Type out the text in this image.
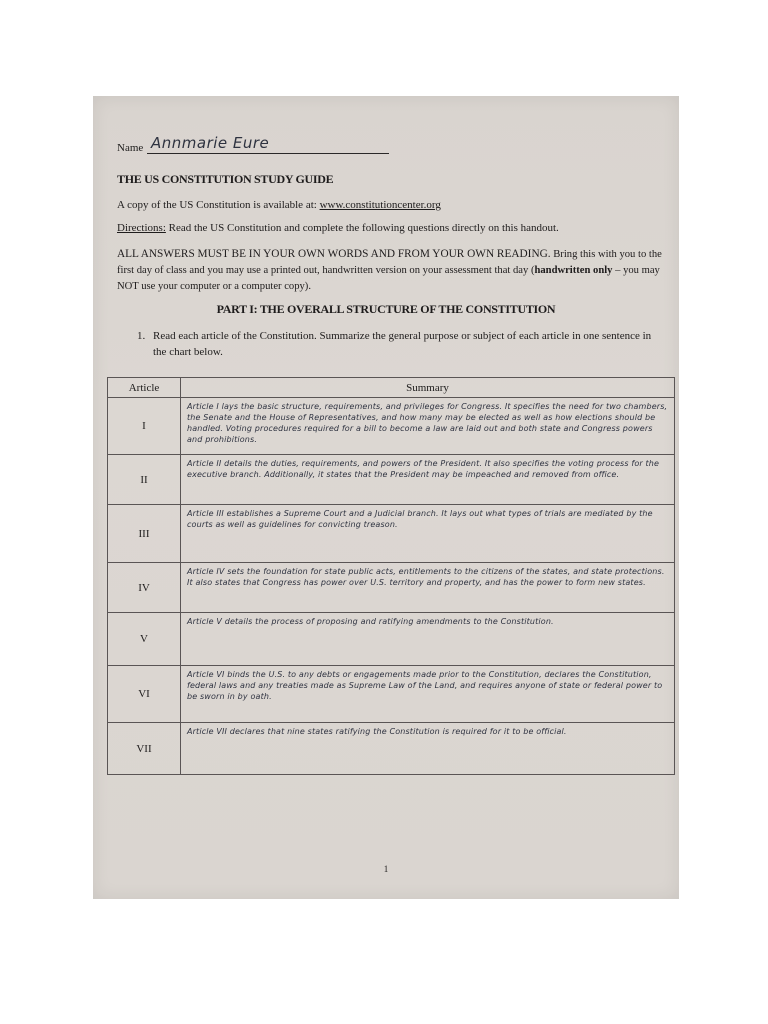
Name Annmarie Eure
THE US CONSTITUTION STUDY GUIDE
A copy of the US Constitution is available at: www.constitutioncenter.org
Directions: Read the US Constitution and complete the following questions directly on this handout.
ALL ANSWERS MUST BE IN YOUR OWN WORDS AND FROM YOUR OWN READING. Bring this with you to the first day of class and you may use a printed out, handwritten version on your assessment that day (handwritten only – you may NOT use your computer or a computer copy).
PART I: THE OVERALL STRUCTURE OF THE CONSTITUTION
1. Read each article of the Constitution. Summarize the general purpose or subject of each article in one sentence in the chart below.
Article	Summary
I	Article I lays the basic structure, requirements, and privileges for Congress. It specifies the need for two chambers, the Senate and the House of Representatives, and how many may be elected as well as how elections should be handled. Voting procedures required for a bill to become a law are laid out and both state and Congress powers and prohibitions.
II	Article II details the duties, requirements, and powers of the President. It also specifies the voting process for the executive branch. Additionally, it states that the President may be impeached and removed from office.
III	Article III establishes a Supreme Court and a Judicial branch. It lays out what types of trials are mediated by the courts as well as guidelines for convicting treason.
IV	Article IV sets the foundation for state public acts, entitlements to the citizens of the states, and state protections. It also states that Congress has power over U.S. territory and property, and has the power to form new states.
V	Article V details the process of proposing and ratifying amendments to the Constitution.
VI	Article VI binds the U.S. to any debts or engagements made prior to the Constitution, declares the Constitution, federal laws and any treaties made as Supreme Law of the Land, and requires anyone of state or federal power to be sworn in by oath.
VII	Article VII declares that nine states ratifying the Constitution is required for it to be official.
1
